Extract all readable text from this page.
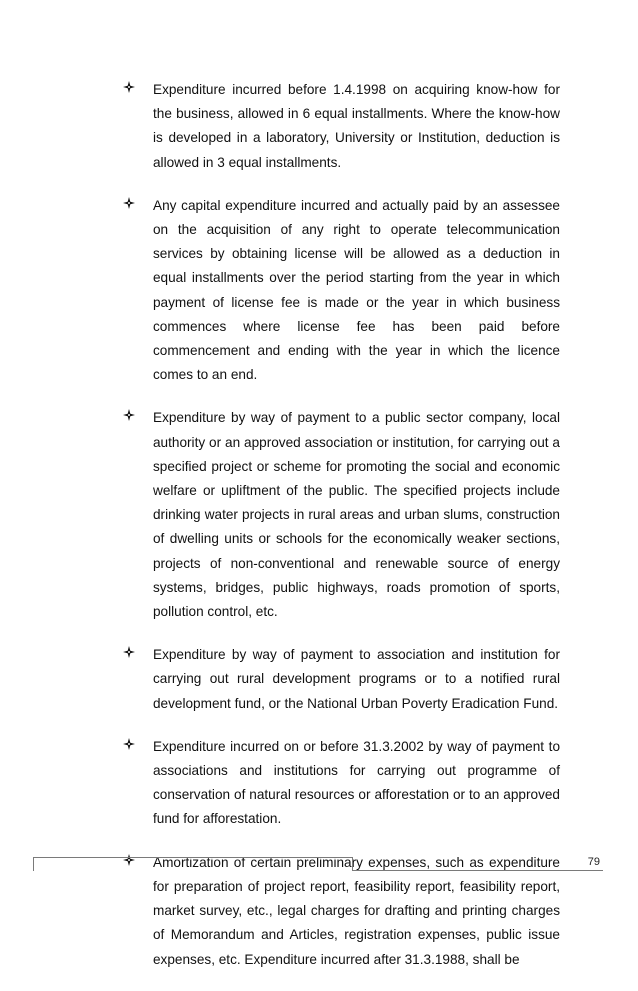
Expenditure incurred before 1.4.1998 on acquiring know-how for the business, allowed in 6 equal installments. Where the know-how is developed in a laboratory, University or Institution, deduction is allowed in 3 equal installments.

Any capital expenditure incurred and actually paid by an assessee on the acquisition of any right to operate telecommunication services by obtaining license will be allowed as a deduction in equal installments over the period starting from the year in which payment of license fee is made or the year in which business commences where license fee has been paid before commencement and ending with the year in which the licence comes to an end.

Expenditure by way of payment to a public sector company, local authority or an approved association or institution, for carrying out a specified project or scheme for promoting the social and economic welfare or upliftment of the public. The specified projects include drinking water projects in rural areas and urban slums, construction of dwelling units or schools for the economically weaker sections, projects of non-conventional and renewable source of energy systems, bridges, public highways, roads promotion of sports, pollution control, etc.

Expenditure by way of payment to association and institution for carrying out rural development programs or to a notified rural development fund, or the National Urban Poverty Eradication Fund.

Expenditure incurred on or before 31.3.2002 by way of payment to associations and institutions for carrying out programme of conservation of natural resources or afforestation or to an approved fund for afforestation.

Amortization of certain preliminary expenses, such as expenditure for preparation of project report, feasibility report, feasibility report, market survey, etc., legal charges for drafting and printing charges of Memorandum and Articles, registration expenses, public issue expenses, etc. Expenditure incurred after 31.3.1988, shall be

79
